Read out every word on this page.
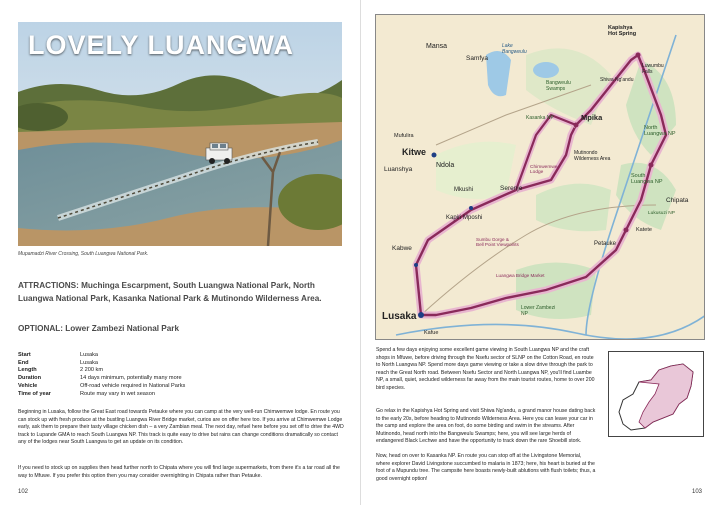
LOVELY LUANGWA
Mupamadzi River Crossing, South Luangwa National Park.
ATTRACTIONS: Muchinga Escarpment, South Luangwa National Park, North Luangwa National Park, Kasanka National Park & Mutinondo Wilderness Area.
OPTIONAL: Lower Zambezi National Park
Start	Lusaka
End	Lusaka
Length	2 200 km
Duration	14 days minimum, potentially many more
Vehicle	Off-road vehicle required in National Parks
Time of year	Route may vary in wet season
Beginning in Lusaka, follow the Great East road towards Petauke where you can camp at the very well-run Chimwemwe lodge. En route you can stock up with fresh produce at the bustling Luangwa River Bridge market, curios are on offer here too. If you arrive at Chimwemwe Lodge early, ask them to prepare their tasty village chicken dish – a very Zambian meal. The next day, refuel here before you set off to drive the 4WD track to Lupande GMA to reach South Luangwa NP. This track is quite easy to drive but rains can change conditions dramatically so contact any of the lodges near South Luangwa to get an update on its condition.
If you need to stock up on supplies then head further north to Chipata where you will find large supermarkets, from there it's a tar road all the way to Mfuwe. If you prefer this option then you may consider overnighting in Chipata rather than Petauke.
102
Kapishya
Hot Spring
Mansa
Samfya
Lake
Bangweulu
Bangweulu
Swamps
Mpika
Luwumbu
Falls
Shiwa Ng'andu
North
Luangwa NP
Kasanka NP
Mutinondo
Wilderness Area
Mufulira
Kitwe
Ndola
Luanshya
Serenje
Mkushi
Chimwemwe
Lodge
Chipata
South
Luangwa NP
Lukusuzi NP
Katete
Petauke
Kabwe
Kapiri Mposhi
Sumbu Gorge &
Bell Point Viewpoints
Luangwa Bridge Market
Lower Zambezi
NP
Lusaka
Kafue
Spend a few days enjoying some excellent game viewing in South Luangwa NP and the craft shops in Mfuwe, before driving through the Nsefu sector of SLNP on the Cotton Road, en route to North Luangwa NP. Spend more days game viewing or take a slow drive through the park to reach the Great North road. Between Nsefu Sector and North Luangwa NP, you'll find Luambe NP, a small, quiet, secluded wilderness far away from the main tourist routes, home to over 200 bird species.
Go relax in the Kapishya Hot Spring and visit Shiwa Ng'andu, a grand manor house dating back to the early 20s, before heading to Mutinondo Wilderness Area. Here you can leave your car in the camp and explore the area on foot, do some birding and swim in the streams. After Mutinondo, head north into the Bangweulu Swamps; here, you will see large herds of endangered Black Lechwe and have the opportunity to track down the rare Shoebill stork.
Now, head on over to Kasanka NP. En route you can stop off at the Livingstone Memorial, where explorer David Livingstone succumbed to malaria in 1873; here, his heart is buried at the foot of a Mupundu tree. The campsite here boasts newly-built ablutions with flush toilets; thus, a good overnight option!
103
